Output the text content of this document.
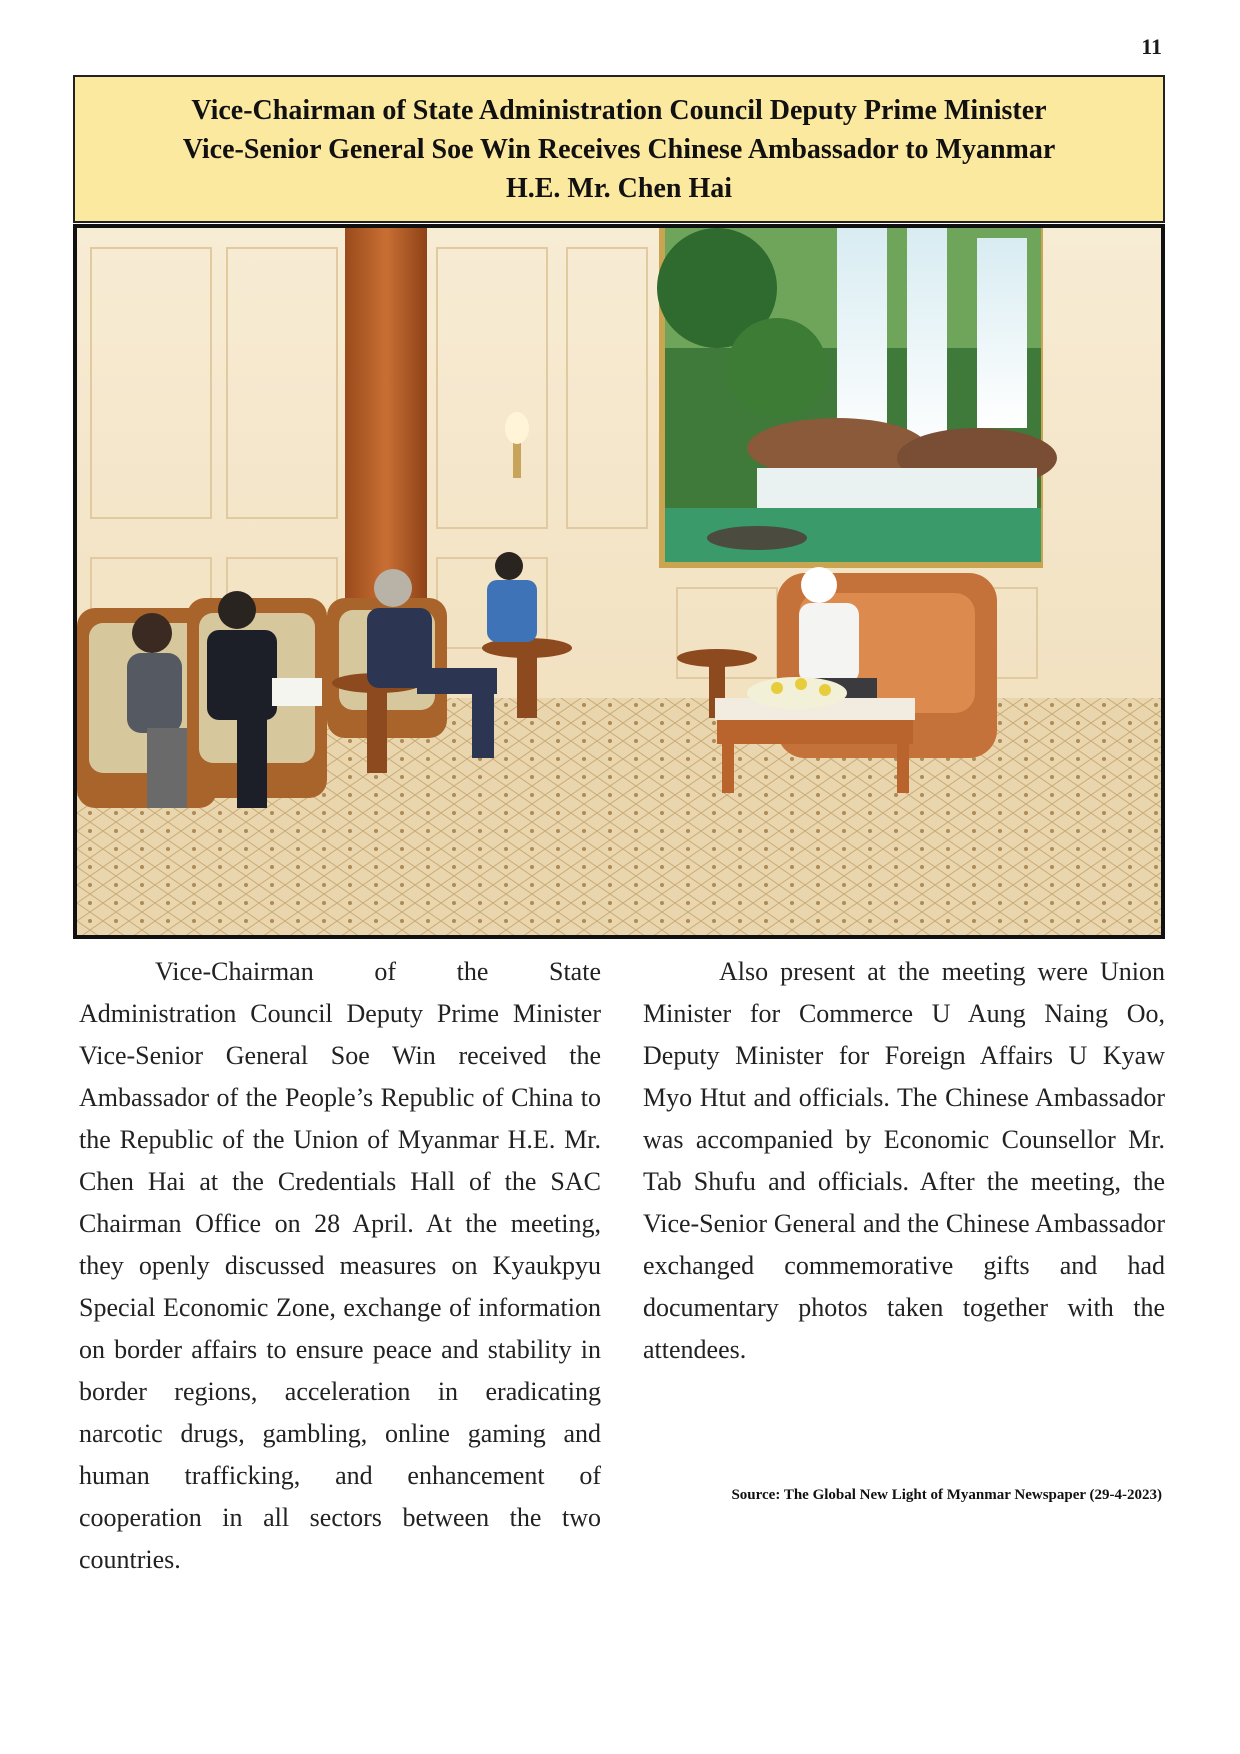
11
Vice-Chairman of State Administration Council Deputy Prime Minister
Vice-Senior General Soe Win Receives Chinese Ambassador to Myanmar
H.E. Mr. Chen Hai

Vice-Chairman of the State Administration Council Deputy Prime Minister Vice-Senior General Soe Win received the Ambassador of the People’s Republic of China to the Republic of the Union of Myanmar H.E. Mr. Chen Hai at the Credentials Hall of the SAC Chairman Office on 28 April. At the meeting, they openly discussed measures on Kyaukpyu Special Economic Zone, exchange of information on border affairs to ensure peace and stability in border regions, acceleration in eradicating narcotic drugs, gambling, online gaming and human trafficking, and enhancement of cooperation in all sectors between the two countries.

Also present at the meeting were Union Minister for Commerce U Aung Naing Oo, Deputy Minister for Foreign Affairs U Kyaw Myo Htut and officials. The Chinese Ambassador was accompanied by Economic Counsellor Mr. Tab Shufu and officials. After the meeting, the Vice-Senior General and the Chinese Ambassador exchanged commemorative gifts and had documentary photos taken together with the attendees.

Source: The Global New Light of Myanmar Newspaper (29-4-2023)
